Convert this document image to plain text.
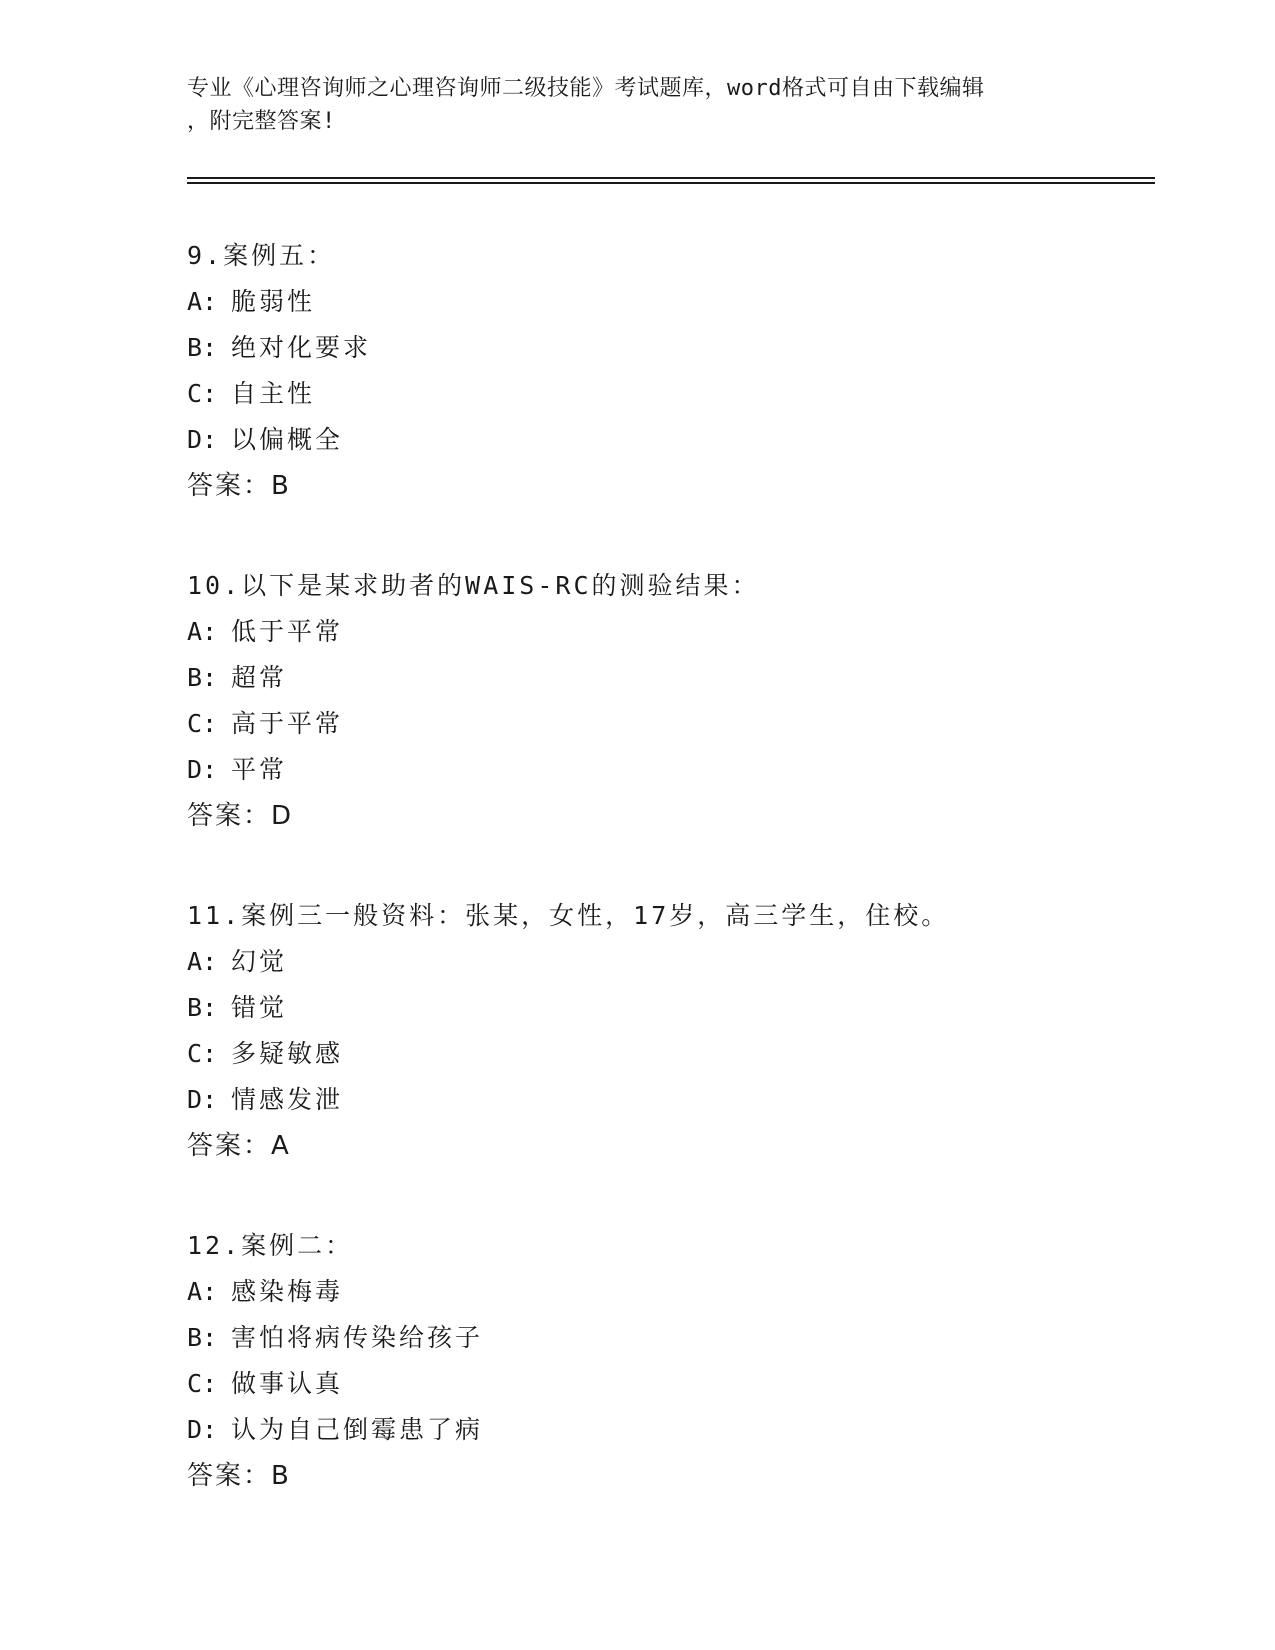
专业《心理咨询师之心理咨询师二级技能》考试题库，word格式可自由下载编辑
，附完整答案!
9.案例五：
A: 脆弱性
B: 绝对化要求
C: 自主性
D: 以偏概全
答案：B
10.以下是某求助者的WAIS-RC的测验结果：
A: 低于平常
B: 超常
C: 高于平常
D: 平常
答案：D
11.案例三一般资料：张某，女性，17岁，高三学生，住校。
A: 幻觉
B: 错觉
C: 多疑敏感
D: 情感发泄
答案：A
12.案例二：
A: 感染梅毒
B: 害怕将病传染给孩子
C: 做事认真
D: 认为自己倒霉患了病
答案：B
